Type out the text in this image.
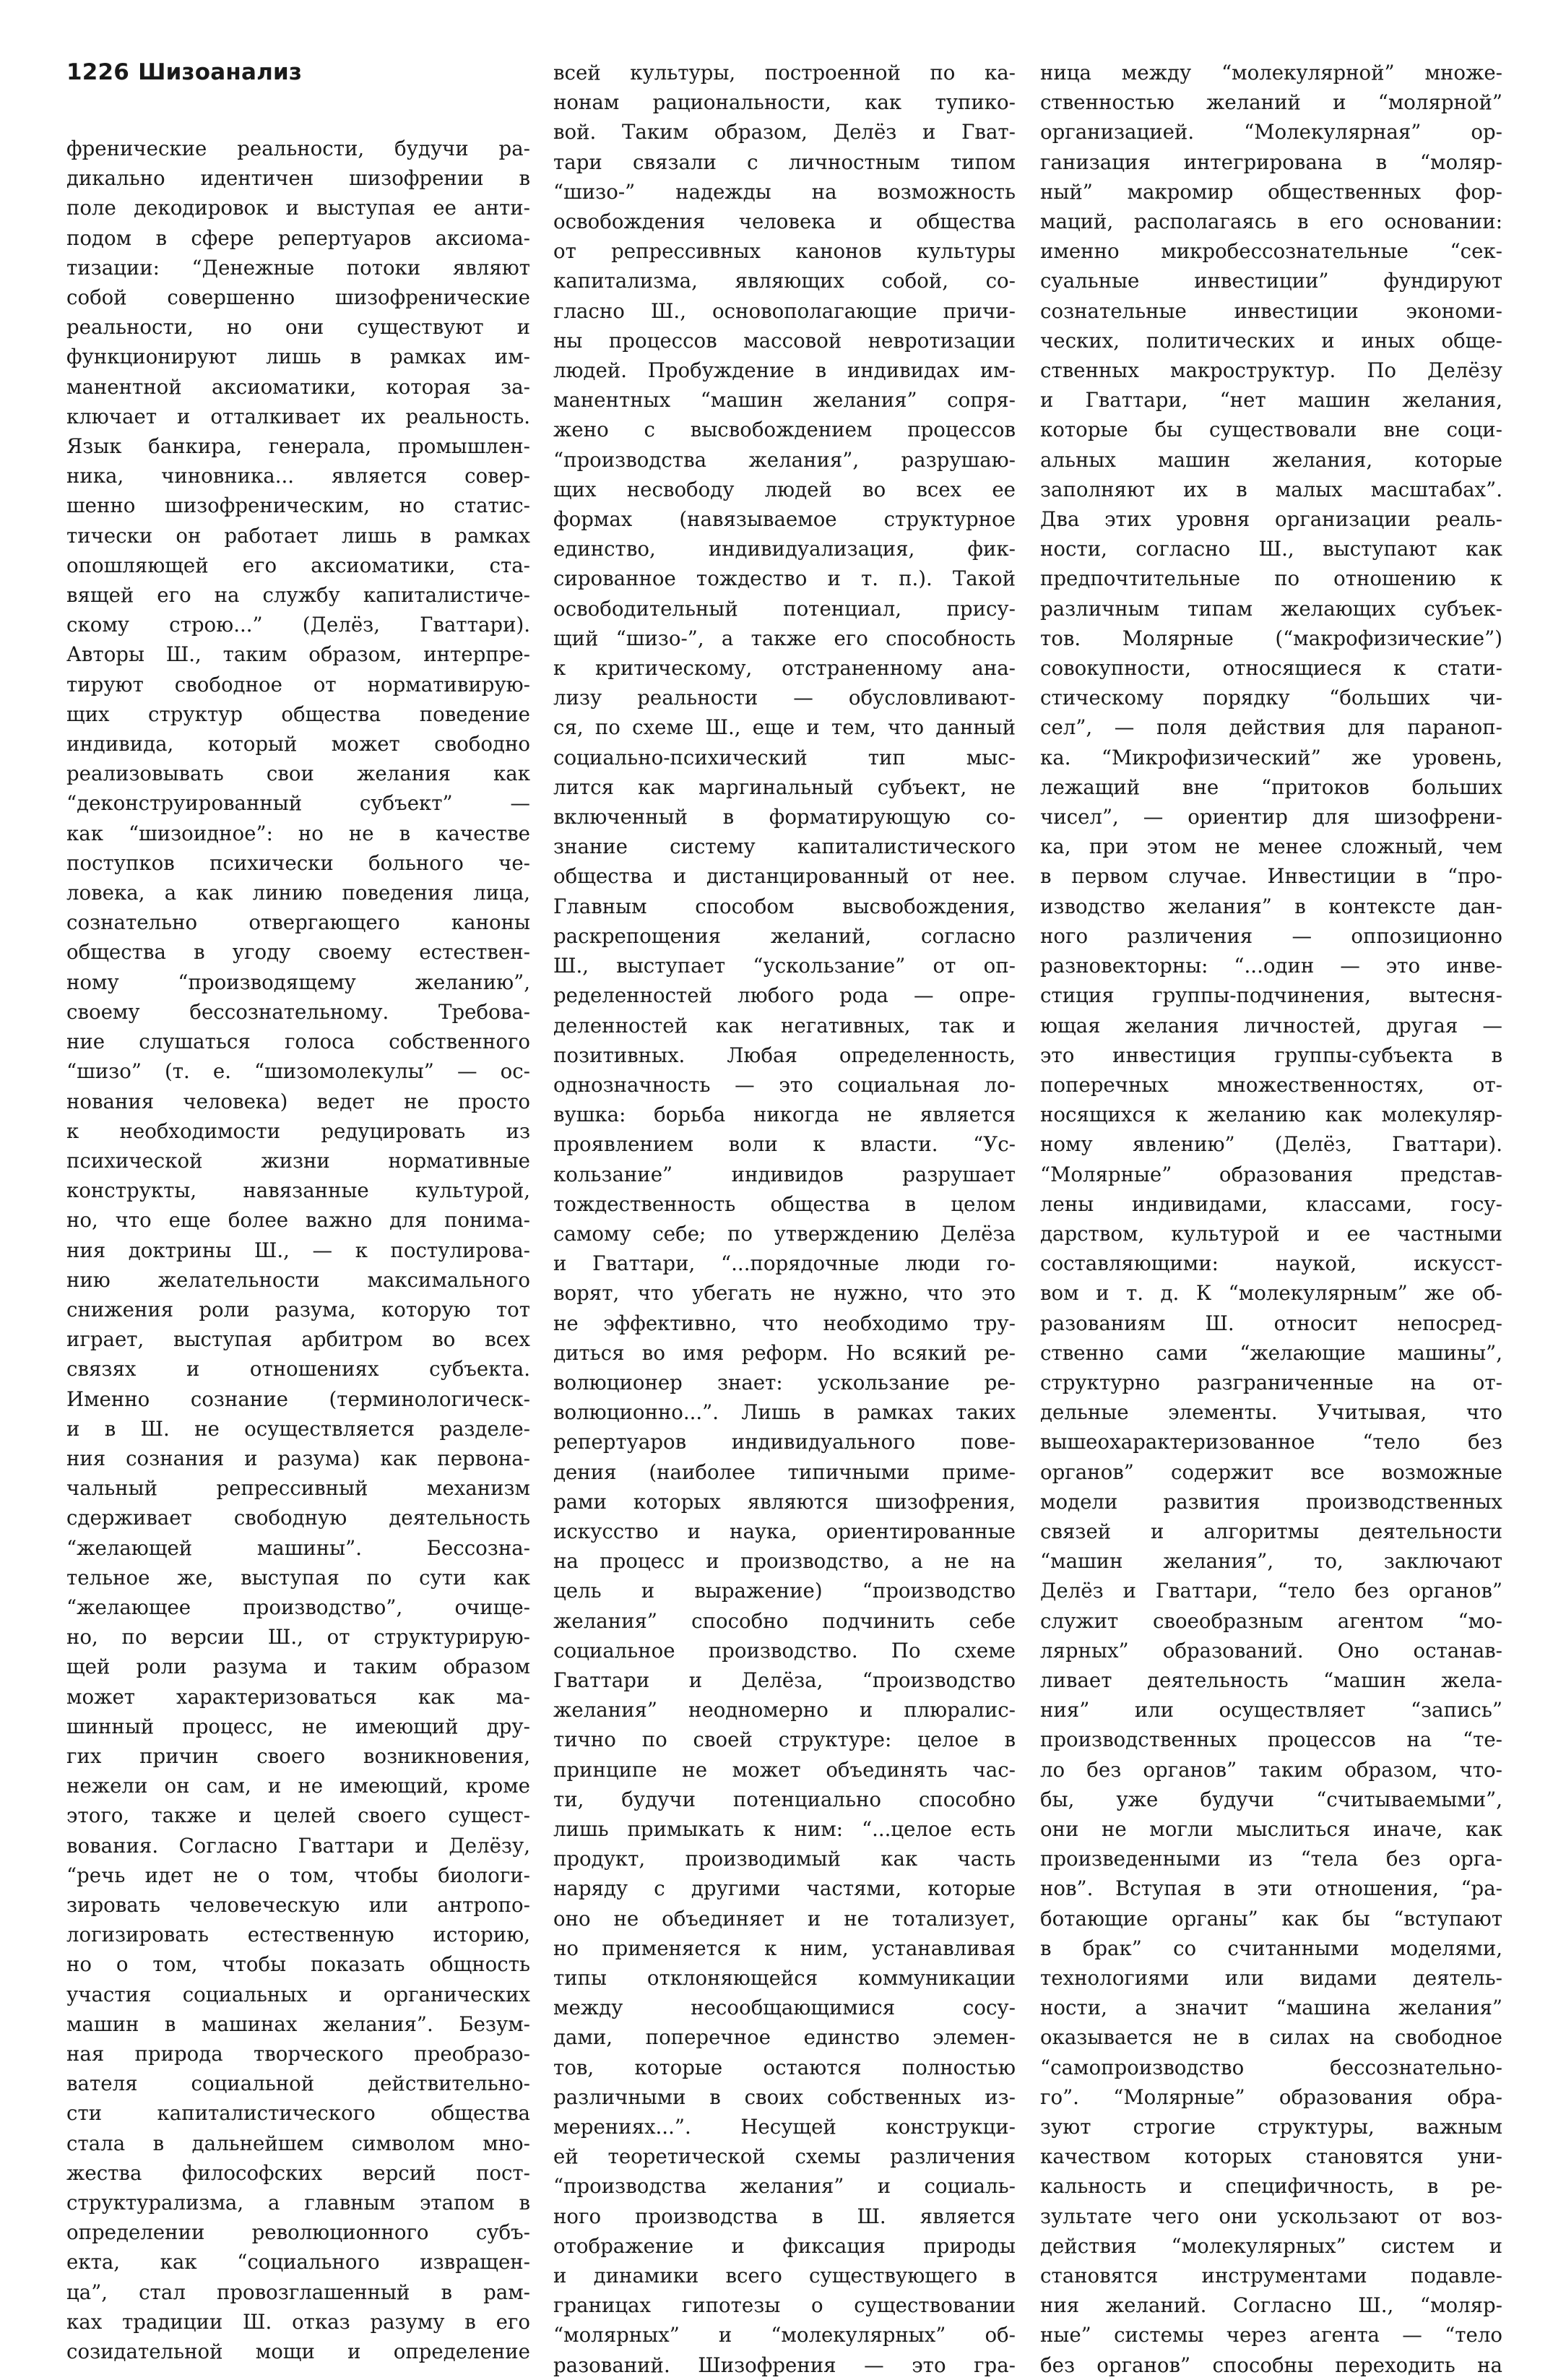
1226 Шизоанализ
френические реальности, будучи ра-
дикально идентичен шизофрении в
поле декодировок и выступая ее анти-
подом в сфере репертуаров аксиома-
тизации: “Денежные потоки являют
собой совершенно шизофренические
реальности, но они существуют и
функционируют лишь в рамках им-
манентной аксиоматики, которая за-
ключает и отталкивает их реальность.
Язык банкира, генерала, промышлен-
ника, чиновника... является совер-
шенно шизофреническим, но статис-
тически он работает лишь в рамках
опошляющей его аксиоматики, ста-
вящей его на службу капиталистиче-
скому строю...” (Делёз, Гваттари).
Авторы Ш., таким образом, интерпре-
тируют свободное от нормативирую-
щих структур общества поведение
индивида, который может свободно
реализовывать свои желания как
“деконструированный субъект” —
как “шизоидное”: но не в качестве
поступков психически больного че-
ловека, а как линию поведения лица,
сознательно отвергающего каноны
общества в угоду своему естествен-
ному “производящему желанию”,
своему бессознательному. Требова-
ние слушаться голоса собственного
“шизо” (т. е. “шизомолекулы” — ос-
нования человека) ведет не просто
к необходимости редуцировать из
психической жизни нормативные
конструкты, навязанные культурой,
но, что еще более важно для понима-
ния доктрины Ш., — к постулирова-
нию желательности максимального
снижения роли разума, которую тот
играет, выступая арбитром во всех
связях и отношениях субъекта.
Именно сознание (терминологическ-
и в Ш. не осуществляется разделе-
ния сознания и разума) как первона-
чальный репрессивный механизм
сдерживает свободную деятельность
“желающей машины”. Бессозна-
тельное же, выступая по сути как
“желающее производство”, очище-
но, по версии Ш., от структурирую-
щей роли разума и таким образом
может характеризоваться как ма-
шинный процесс, не имеющий дру-
гих причин своего возникновения,
нежели он сам, и не имеющий, кроме
этого, также и целей своего сущест-
вования. Согласно Гваттари и Делёзу,
“речь идет не о том, чтобы биологи-
зировать человеческую или антропо-
логизировать естественную историю,
но о том, чтобы показать общность
участия социальных и органических
машин в машинах желания”. Безум-
ная природа творческого преобразо-
вателя социальной действительно-
сти капиталистического общества
стала в дальнейшем символом мно-
жества философских версий пост-
структурализма, а главным этапом в
определении революционного субъ-
екта, как “социального извращен-
ца”, стал провозглашенный в рам-
ках традиции Ш. отказ разуму в его
созидательной мощи и определение
всей культуры, построенной по ка-
нонам рациональности, как тупико-
вой. Таким образом, Делёз и Гват-
тари связали с личностным типом
“шизо-” надежды на возможность
освобождения человека и общества
от репрессивных канонов культуры
капитализма, являющих собой, со-
гласно Ш., основополагающие причи-
ны процессов массовой невротизации
людей. Пробуждение в индивидах им-
манентных “машин желания” сопря-
жено с высвобождением процессов
“производства желания”, разрушаю-
щих несвободу людей во всех ее
формах (навязываемое структурное
единство, индивидуализация, фик-
сированное тождество и т. п.). Такой
освободительный потенциал, прису-
щий “шизо-”, а также его способность
к критическому, отстраненному ана-
лизу реальности — обусловливают-
ся, по схеме Ш., еще и тем, что данный
социально-психический тип мыс-
лится как маргинальный субъект, не
включенный в форматирующую со-
знание систему капиталистического
общества и дистанцированный от нее.
Главным способом высвобождения,
раскрепощения желаний, согласно
Ш., выступает “ускользание” от оп-
ределенностей любого рода — опре-
деленностей как негативных, так и
позитивных. Любая определенность,
однозначность — это социальная ло-
вушка: борьба никогда не является
проявлением воли к власти. “Ус-
кользание” индивидов разрушает
тождественность общества в целом
самому себе; по утверждению Делёза
и Гваттари, “...порядочные люди го-
ворят, что убегать не нужно, что это
не эффективно, что необходимо тру-
диться во имя реформ. Но всякий ре-
волюционер знает: ускользание ре-
волюционно...”. Лишь в рамках таких
репертуаров индивидуального пове-
дения (наиболее типичными приме-
рами которых являются шизофрения,
искусство и наука, ориентированные
на процесс и производство, а не на
цель и выражение) “производство
желания” способно подчинить себе
социальное производство. По схеме
Гваттари и Делёза, “производство
желания” неодномерно и плюралис-
тично по своей структуре: целое в
принципе не может объединять час-
ти, будучи потенциально способно
лишь примыкать к ним: “...целое есть
продукт, производимый как часть
наряду с другими частями, которые
оно не объединяет и не тотализует,
но применяется к ним, устанавливая
типы отклоняющейся коммуникации
между несообщающимися сосу-
дами, поперечное единство элемен-
тов, которые остаются полностью
различными в своих собственных из-
мерениях...”. Несущей конструкци-
ей теоретической схемы различения
“производства желания” и социаль-
ного производства в Ш. является
отображение и фиксация природы
и динамики всего существующего в
границах гипотезы о существовании
“молярных” и “молекулярных” об-
разований. Шизофрения — это гра-
ница между “молекулярной” множе-
ственностью желаний и “молярной”
организацией. “Молекулярная” ор-
ганизация интегрирована в “моляр-
ный” макромир общественных фор-
маций, располагаясь в его основании:
именно микробессознательные “сек-
суальные инвестиции” фундируют
сознательные инвестиции экономи-
ческих, политических и иных обще-
ственных макроструктур. По Делёзу
и Гваттари, “нет машин желания,
которые бы существовали вне соци-
альных машин желания, которые
заполняют их в малых масштабах”.
Два этих уровня организации реаль-
ности, согласно Ш., выступают как
предпочтительные по отношению к
различным типам желающих субъек-
тов. Молярные (“макрофизические”)
совокупности, относящиеся к стати-
стическому порядку “больших чи-
сел”, — поля действия для параноп-
ка. “Микрофизический” же уровень,
лежащий вне “притоков больших
чисел”, — ориентир для шизофрени-
ка, при этом не менее сложный, чем
в первом случае. Инвестиции в “про-
изводство желания” в контексте дан-
ного различения — оппозиционно
разновекторны: “...один — это инве-
стиция группы-подчинения, вытесня-
ющая желания личностей, другая —
это инвестиция группы-субъекта в
поперечных множественностях, от-
носящихся к желанию как молекуляр-
ному явлению” (Делёз, Гваттари).
“Молярные” образования представ-
лены индивидами, классами, госу-
дарством, культурой и ее частными
составляющими: наукой, искусст-
вом и т. д. К “молекулярным” же об-
разованиям Ш. относит непосред-
ственно сами “желающие машины”,
структурно разграниченные на от-
дельные элементы. Учитывая, что
вышеохарактеризованное “тело без
органов” содержит все возможные
модели развития производственных
связей и алгоритмы деятельности
“машин желания”, то, заключают
Делёз и Гваттари, “тело без органов”
служит своеобразным агентом “мо-
лярных” образований. Оно останав-
ливает деятельность “машин жела-
ния” или осуществляет “запись”
производственных процессов на “те-
ло без органов” таким образом, что-
бы, уже будучи “считываемыми”,
они не могли мыслиться иначе, как
произведенными из “тела без орга-
нов”. Вступая в эти отношения, “ра-
ботающие органы” как бы “вступают
в брак” со считанными моделями,
технологиями или видами деятель-
ности, а значит “машина желания”
оказывается не в силах на свободное
“самопроизводство бессознательно-
го”. “Молярные” образования обра-
зуют строгие структуры, важным
качеством которых становятся уни-
кальность и специфичность, в ре-
зультате чего они ускользают от воз-
действия “молекулярных” систем и
становятся инструментами подавле-
ния желаний. Согласно Ш., “моляр-
ные” системы через агента — “тело
без органов” способны переходить на
